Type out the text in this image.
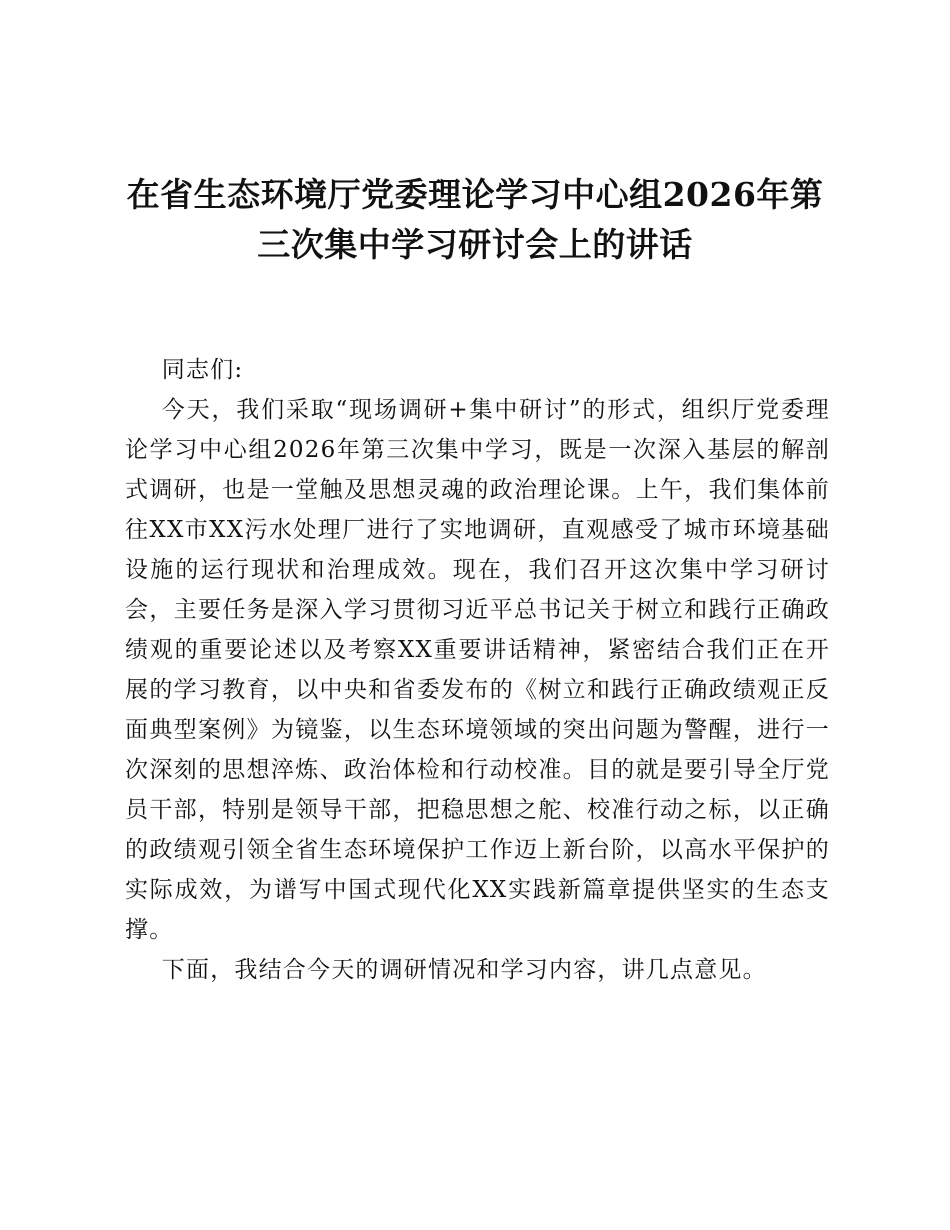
在省生态环境厅党委理论学习中心组2026年第三次集中学习研讨会上的讲话

同志们:

今天，我们采取“现场调研+集中研讨”的形式，组织厅党委理论学习中心组2026年第三次集中学习，既是一次深入基层的解剖式调研，也是一堂触及思想灵魂的政治理论课。上午，我们集体前往XX市XX污水处理厂进行了实地调研，直观感受了城市环境基础设施的运行现状和治理成效。现在，我们召开这次集中学习研讨会，主要任务是深入学习贯彻习近平总书记关于树立和践行正确政绩观的重要论述以及考察XX重要讲话精神，紧密结合我们正在开展的学习教育，以中央和省委发布的《树立和践行正确政绩观正反面典型案例》为镜鉴，以生态环境领域的突出问题为警醒，进行一次深刻的思想淬炼、政治体检和行动校准。目的就是要引导全厅党员干部，特别是领导干部，把稳思想之舵、校准行动之标，以正确的政绩观引领全省生态环境保护工作迈上新台阶，以高水平保护的实际成效，为谱写中国式现代化XX实践新篇章提供坚实的生态支撑。

下面，我结合今天的调研情况和学习内容，讲几点意见。
